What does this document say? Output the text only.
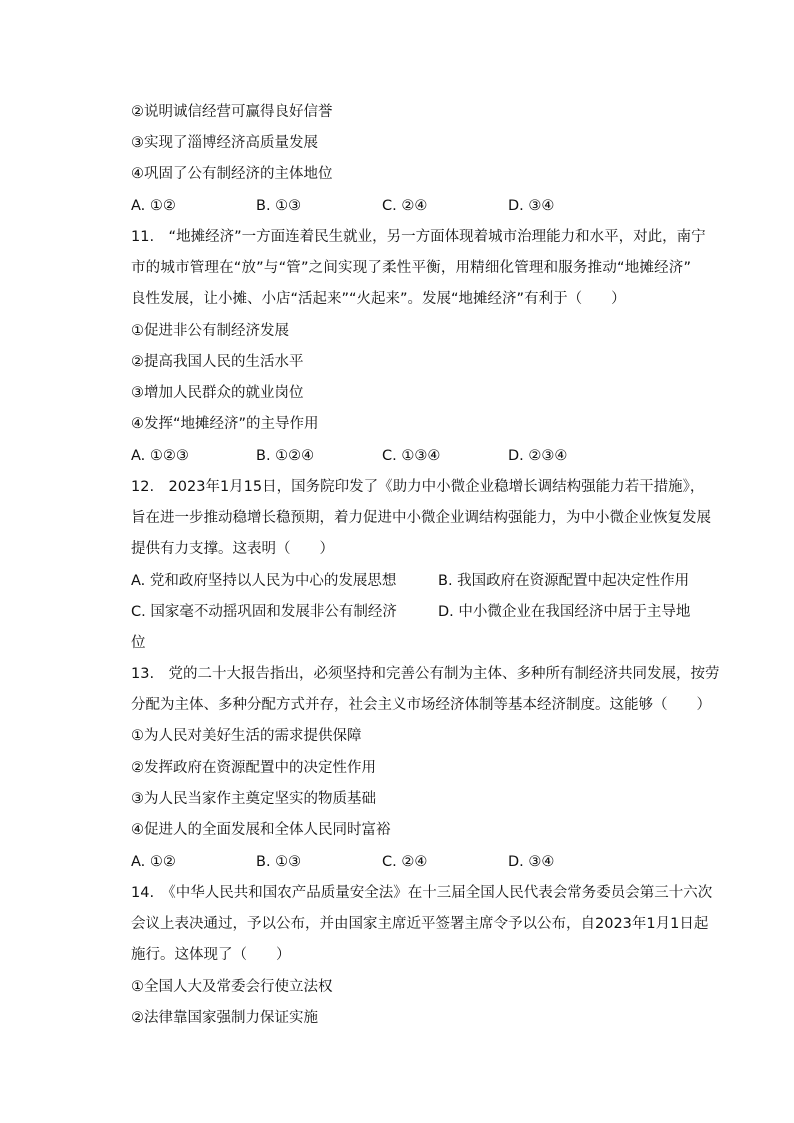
②说明诚信经营可赢得良好信誉
③实现了淄博经济高质量发展
④巩固了公有制经济的主体地位
A. ①②	B. ①③	C. ②④	D. ③④
11.　“地摊经济”一方面连着民生就业，另一方面体现着城市治理能力和水平，对此，南宁
市的城市管理在“放”与“管”之间实现了柔性平衡，用精细化管理和服务推动“地摊经济”
良性发展，让小摊、小店“活起来”“火起来”。发展“地摊经济”有利于（　　）
①促进非公有制经济发展
②提高我国人民的生活水平
③增加人民群众的就业岗位
④发挥“地摊经济”的主导作用
A. ①②③	B. ①②④	C. ①③④	D. ②③④
12.　2023年1月15日，国务院印发了《助力中小微企业稳增长调结构强能力若干措施》，
旨在进一步推动稳增长稳预期，着力促进中小微企业调结构强能力，为中小微企业恢复发展
提供有力支撑。这表明（　　）
A. 党和政府坚持以人民为中心的发展思想	B. 我国政府在资源配置中起决定性作用
C. 国家毫不动摇巩固和发展非公有制经济	D. 中小微企业在我国经济中居于主导地
位
13.　党的二十大报告指出，必须坚持和完善公有制为主体、多种所有制经济共同发展，按劳
分配为主体、多种分配方式并存，社会主义市场经济体制等基本经济制度。这能够（　　）
①为人民对美好生活的需求提供保障
②发挥政府在资源配置中的决定性作用
③为人民当家作主奠定坚实的物质基础
④促进人的全面发展和全体人民同时富裕
A. ①②	B. ①③	C. ②④	D. ③④
14.　《中华人民共和国农产品质量安全法》在十三届全国人民代表会常务委员会第三十六次
会议上表决通过，予以公布，并由国家主席近平签署主席令予以公布，自2023年1月1日起
施行。这体现了（　　）
①全国人大及常委会行使立法权
②法律靠国家强制力保证实施
